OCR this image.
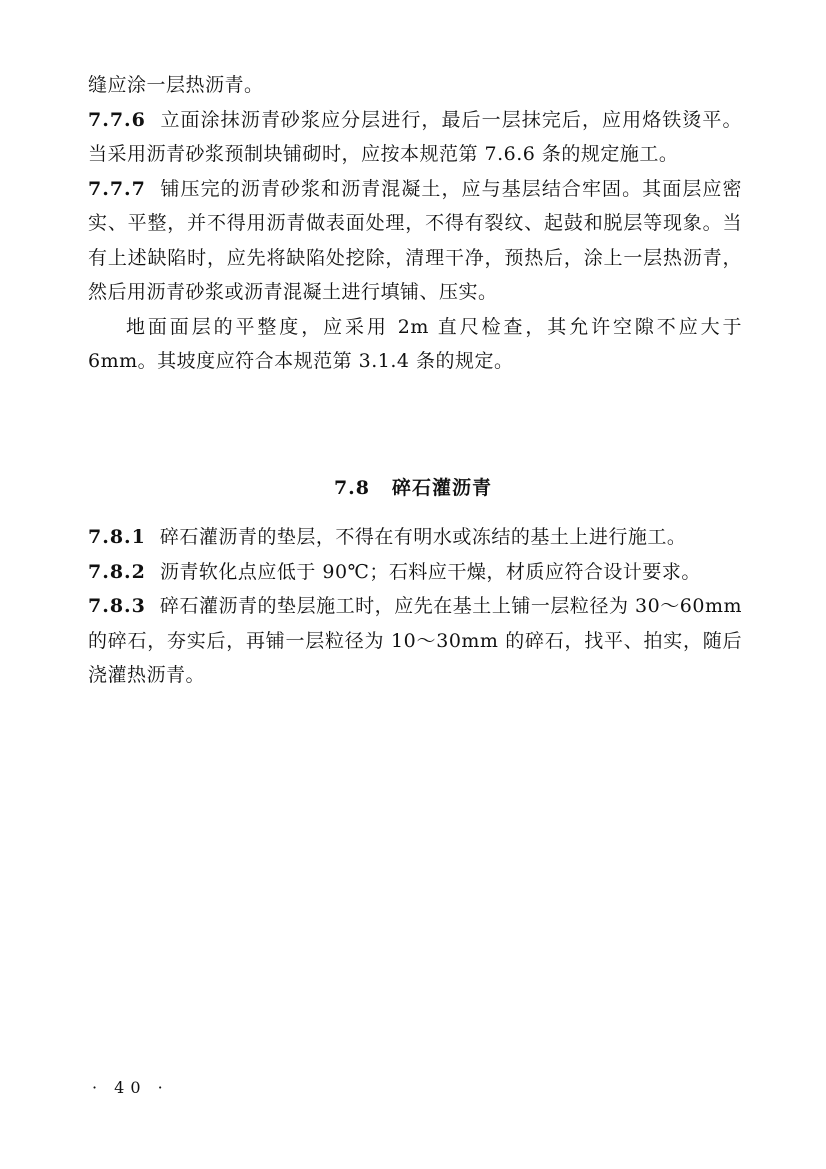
缝应涂一层热沥青。

7.7.6 立面涂抹沥青砂浆应分层进行，最后一层抹完后，应用烙铁烫平。当采用沥青砂浆预制块铺砌时，应按本规范第 7.6.6 条的规定施工。

7.7.7 铺压完的沥青砂浆和沥青混凝土，应与基层结合牢固。其面层应密实、平整，并不得用沥青做表面处理，不得有裂纹、起鼓和脱层等现象。当有上述缺陷时，应先将缺陷处挖除，清理干净，预热后，涂上一层热沥青，然后用沥青砂浆或沥青混凝土进行填铺、压实。

地面面层的平整度，应采用 2m 直尺检查，其允许空隙不应大于 6mm。其坡度应符合本规范第 3.1.4 条的规定。

7.8 碎石灌沥青

7.8.1 碎石灌沥青的垫层，不得在有明水或冻结的基土上进行施工。

7.8.2 沥青软化点应低于 90℃；石料应干燥，材质应符合设计要求。

7.8.3 碎石灌沥青的垫层施工时，应先在基土上铺一层粒径为 30～60mm 的碎石，夯实后，再铺一层粒径为 10～30mm 的碎石，找平、拍实，随后浇灌热沥青。

· 40 ·
